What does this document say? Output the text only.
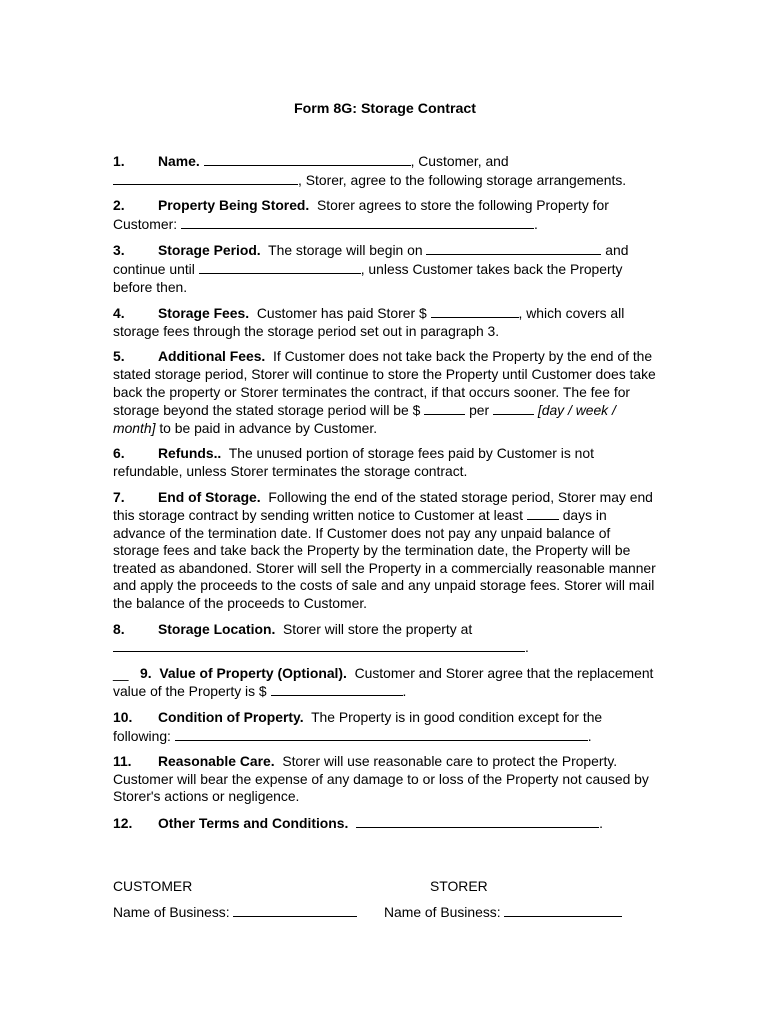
Form 8G: Storage Contract

1. Name.	, Customer, and , Storer, agree to the following storage arrangements.

2. Property Being Stored. Storer agrees to store the following Property for Customer:	.

3. Storage Period. The storage will begin on	and continue until	, unless Customer takes back the Property before then.

4. Storage Fees. Customer has paid Storer $	, which covers all storage fees through the storage period set out in paragraph 3.

5. Additional Fees. If Customer does not take back the Property by the end of the stated storage period, Storer will continue to store the Property until Customer does take back the property or Storer terminates the contract, if that occurs sooner. The fee for storage beyond the stated storage period will be $	per	[day / week / month] to be paid in advance by Customer.

6. Refunds.. The unused portion of storage fees paid by Customer is not refundable, unless Storer terminates the storage contract.

7. End of Storage. Following the end of the stated storage period, Storer may end this storage contract by sending written notice to Customer at least	days in advance of the termination date. If Customer does not pay any unpaid balance of storage fees and take back the Property by the termination date, the Property will be treated as abandoned. Storer will sell the Property in a commercially reasonable manner and apply the proceeds to the costs of sale and any unpaid storage fees. Storer will mail the balance of the proceeds to Customer.

8. Storage Location. Storer will store the property at .

__ 9. Value of Property (Optional). Customer and Storer agree that the replacement value of the Property is $	.

10. Condition of Property. The Property is in good condition except for the following:	.

11. Reasonable Care. Storer will use reasonable care to protect the Property. Customer will bear the expense of any damage to or loss of the Property not caused by Storer's actions or negligence.

12. Other Terms and Conditions.	.

CUSTOMER	STORER
Name of Business:	Name of Business:
